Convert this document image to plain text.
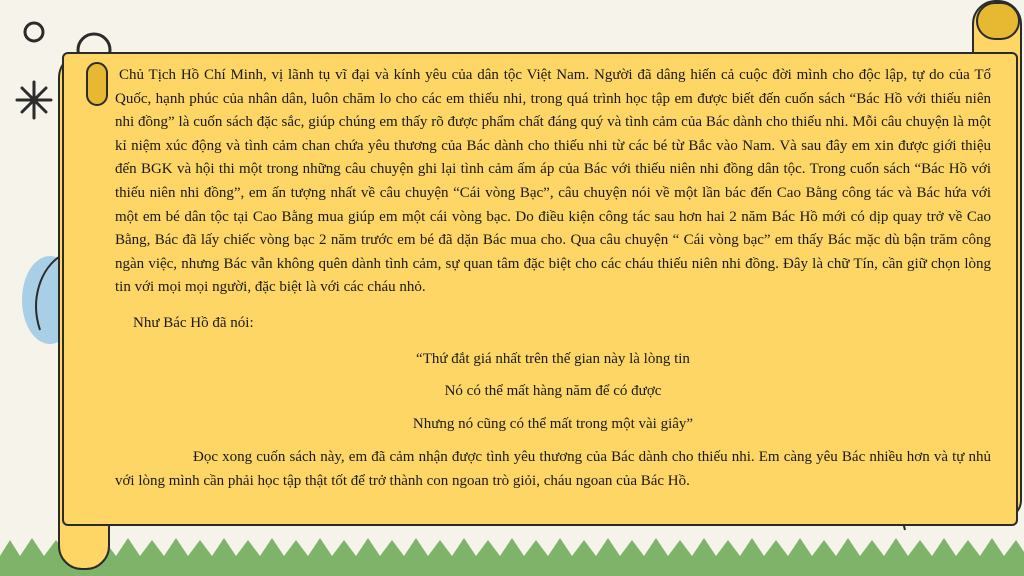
Chủ Tịch Hồ Chí Minh, vị lãnh tụ vĩ đại và kính yêu của dân tộc Việt Nam. Người đã dâng hiến cả cuộc đời mình cho độc lập, tự do của Tổ Quốc, hạnh phúc của nhân dân, luôn chăm lo cho các em thiếu nhi, trong quá trình học tập em được biết đến cuốn sách “Bác Hồ với thiếu niên nhi đồng” là cuốn sách đặc sắc, giúp chúng em thấy rõ được phẩm chất đáng quý và tình cảm của Bác dành cho thiếu nhi. Mỗi câu chuyện là một kỉ niệm xúc động và tình cảm chan chứa yêu thương của Bác dành cho thiếu nhi từ các bé từ Bắc vào Nam. Và sau đây em xin được giới thiệu đến BGK và hội thi một trong những câu chuyện ghi lại tình cảm ấm áp của Bác với thiếu niên nhi đồng dân tộc. Trong cuốn sách “Bác Hồ với thiếu niên nhi đồng”, em ấn tượng nhất về câu chuyện “Cái vòng Bạc”, câu chuyện nói về một lần bác đến Cao Bằng công tác và Bác hứa với một em bé dân tộc tại Cao Bằng mua giúp em một cái vòng bạc. Do điều kiện công tác sau hơn hai 2 năm Bác Hồ mới có dịp quay trở về Cao Bằng, Bác đã lấy chiếc vòng bạc 2 năm trước em bé đã dặn Bác mua cho. Qua câu chuyện “ Cái vòng bạc” em thấy Bác mặc dù bận trăm công ngàn việc, nhưng Bác vẫn không quên dành tình cảm, sự quan tâm đặc biệt cho các cháu thiếu niên nhi đồng. Đây là chữ Tín, cần giữ chọn lòng tin với mọi mọi người, đặc biệt là với các cháu nhỏ.

Như Bác Hồ đã nói:

“Thứ đắt giá nhất trên thế gian này là lòng tin

Nó có thể mất hàng năm để có được

Nhưng nó cũng có thể mất trong một vài giây”

Đọc xong cuốn sách này, em đã cảm nhận được tình yêu thương của Bác dành cho thiếu nhi. Em càng yêu Bác nhiều hơn và tự nhủ với lòng mình cần phải học tập thật tốt để trở thành con ngoan trò giỏi, cháu ngoan của Bác Hồ.
